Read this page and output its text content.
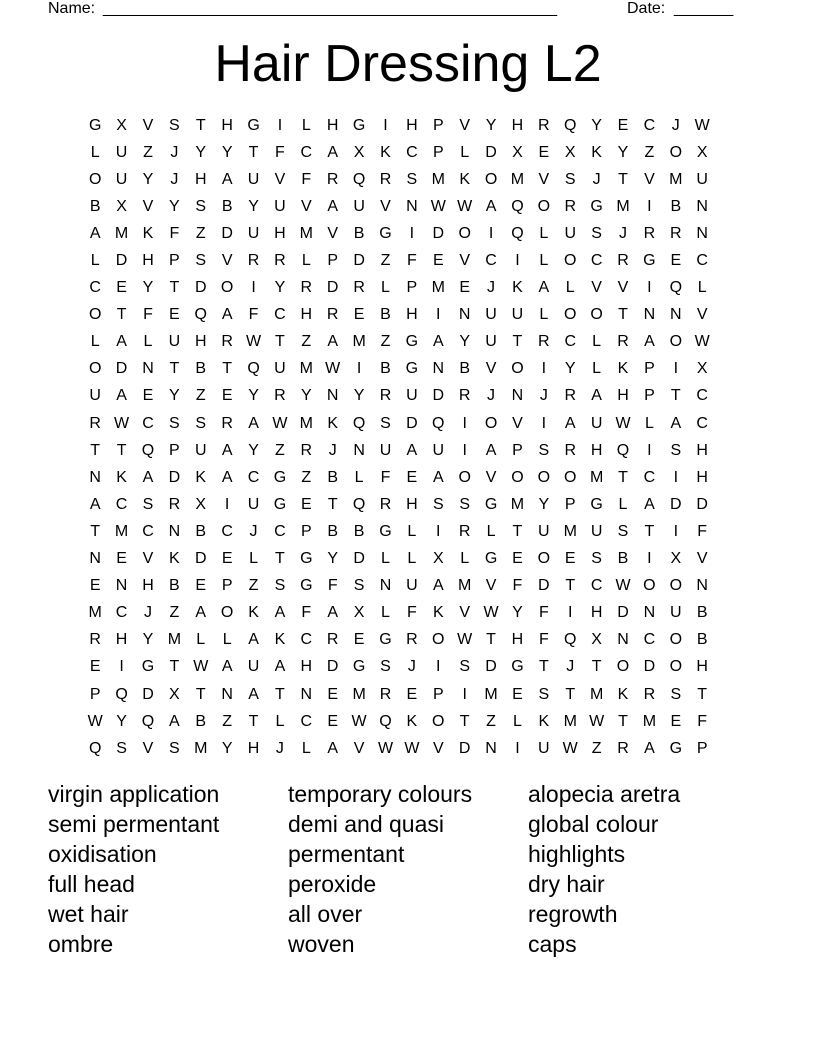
Name: ______________________________________________________	Date: _______
Hair Dressing L2
G X V S	T H G	I	L	H G	I	H P V Y H R Q Y E C	J W
L	U Z	J	Y Y	T	F C A X K C P	L	D X E X K Y	Z O X
O U Y	J	H A U V	F R Q R S M K O M V S	J	T	V M U
B X V Y S B Y U V A U V N W W A Q O R G M	I	B N
A M K	F	Z D U H M V B G	I	D O	I	Q L	U S	J	R R N
L	D H P S V R R	L	P D Z	F	E V C	I	L O C R G E C
C E Y	T D O	I	Y R D R	L	P M E	J	K A	L	V V	I	Q L
O T	F	E Q A	F C H R E B H	I	N U U	L O O T N N V
L	A	L	U H R W T	Z	A M Z G A Y U T R C	L	R A O W
O D N T	B	T Q U M W	I	B G N B V O	I	Y	L	K P	I	X
U A E Y	Z	E Y R Y N Y R U D R	J	N	J	R A H P	T C
R W C S S R A W M K Q S D Q	I	O V	I	A U W L	A C
T	T Q P U A Y	Z R	J	N U A U	I	A P S R H Q	I	S H
N K A D K A C G Z	B	L	F	E A O V O O O M T C	I	H
A C S R X	I	U G E	T Q R H S S G M Y P G L	A D D
T M C N B C	J	C P B B G L	I	R	L	T U M U S	T	I	F
N E V K D E	L	T G Y D	L	L	X	L G E O E S B	I	X V
E N H B E P	Z	S G F	S N U A M V	F D T C W O O N
M C	J	Z	A O K A	F	A X	L	F	K V W Y	F	I	H D N U B
R H Y M L	L	A K C R E G R O W T H F Q X N C O B
E	I	G T W A U A H D G S	J	I	S D G T	J	T O D O H
P Q D X	T N A	T N E M R E P	I	M E S	T M K R S	T
W Y Q A B	Z	T	L	C E W Q K O T	Z	L	K M W T M E	F
Q S V S M Y H	J	L	A V W W V D N	I	U W Z R A G P
virgin application
semi permentant
oxidisation
full head
wet hair
ombre
temporary colours
demi and quasi
permentant
peroxide
all over
woven
alopecia aretra
global colour
highlights
dry hair
regrowth
caps
